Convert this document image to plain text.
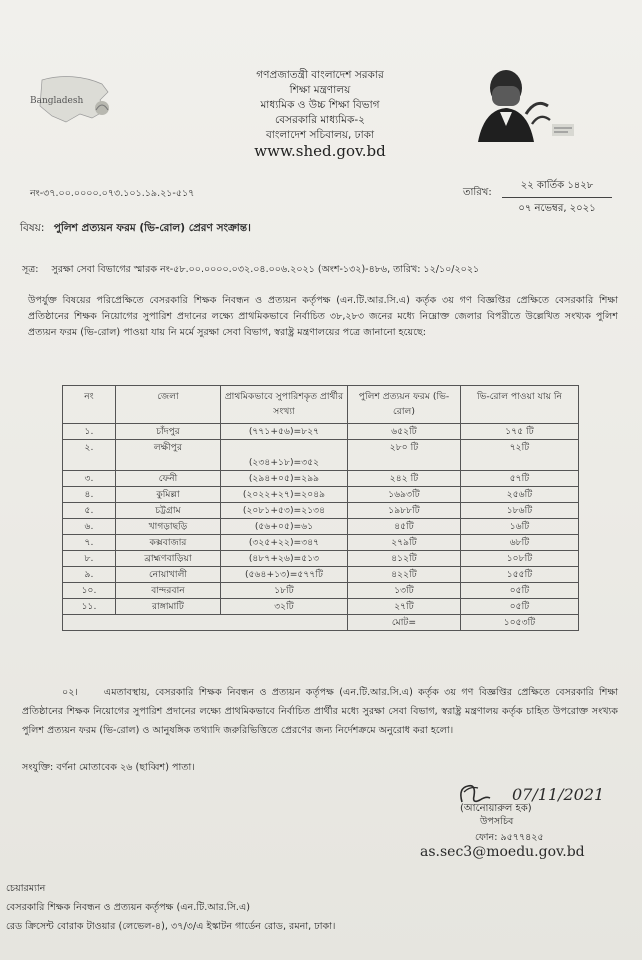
Bangladesh
গণপ্রজাতন্ত্রী বাংলাদেশ সরকার
শিক্ষা মন্ত্রণালয়
মাধ্যমিক ও উচ্চ শিক্ষা বিভাগ
বেসরকারি মাধ্যমিক-২
বাংলাদেশ সচিবালয়, ঢাকা
www.shed.gov.bd
নং-৩৭.০০.০০০০.০৭৩.১০১.১৯.২১-৫১৭	তারিখ:
২২ কার্তিক ১৪২৮
০৭ নভেম্বর, ২০২১
বিষয়: পুলিশ প্রত্যয়ন ফরম (ভি-রোল) প্রেরণ সংক্রান্ত।
সূত্র: সুরক্ষা সেবা বিভাগের স্মারক নং-৫৮.০০.০০০০.০৩২.০৪.০০৬.২০২১ (অংশ-১৩২)-৪৮৬, তারিখ: ১২/১০/২০২১
উপর্যুক্ত বিষয়ের পরিপ্রেক্ষিতে বেসরকারি শিক্ষক নিবন্ধন ও প্রত্যয়ন কর্তৃপক্ষ (এন.টি.আর.সি.এ) কর্তৃক ৩য় গণ বিজ্ঞপ্তির প্রেক্ষিতে বেসরকারি শিক্ষা প্রতিষ্ঠানের শিক্ষক নিয়োগের সুপারিশ প্রদানের লক্ষ্যে প্রাথমিকভাবে নির্বাচিত ৩৮,২৮৩ জনের মধ্যে নিম্নোক্ত জেলার বিপরীতে উল্লেখিত সংখ্যক পুলিশ প্রত্যয়ন ফরম (ভি-রোল) পাওয়া যায় নি মর্মে সুরক্ষা সেবা বিভাগ, স্বরাষ্ট্র মন্ত্রণালয়ের পত্রে জানানো হয়েছে:
নং	জেলা	প্রাথমিকভাবে সুপারিশকৃত প্রার্থীর সংখ্যা	পুলিশ প্রত্যয়ন ফরম (ভি-রোল)	ভি-রোল পাওয়া যায় নি
১.	চাঁদপুর	(৭৭১+৫৬)=৮২৭	৬৫২টি	১৭৫ টি
২.	লক্ষীপুর	(২৩৪+১৮)=৩৫২	২৮০ টি	৭২টি
৩.	ফেনী	(২৯৪+০৫)=২৯৯	২৪২ টি	৫৭টি
৪.	কুমিল্লা	(২০২২+২৭)=২০৪৯	১৬৯৩টি	২৫৬টি
৫.	চট্টগ্রাম	(২০৮১+৫৩)=২১৩৪	১৯৮৮টি	১৮৬টি
৬.	খাগড়াছড়ি	(৫৬+০৫)=৬১	৪৫টি	১৬টি
৭.	কক্সবাজার	(৩২৫+২২)=৩৪৭	২৭৯টি	৬৮টি
৮.	ব্রাহ্মণবাড়িয়া	(৪৮৭+২৬)=৫১৩	৪১২টি	১০৮টি
৯.	নোয়াখালী	(৫৬৪+১৩)=৫৭৭টি	৪২২টি	১৫৫টি
১০.	বান্দরবান	১৮টি	১৩টি	০৫টি
১১.	রাঙ্গামাটি	৩২টি	২৭টি	০৫টি
			মোট=	১০৫৩টি
০২।	এমতাবস্থায়, বেসরকারি শিক্ষক নিবন্ধন ও প্রত্যয়ন কর্তৃপক্ষ (এন.টি.আর.সি.এ) কর্তৃক ৩য় গণ বিজ্ঞপ্তির প্রেক্ষিতে বেসরকারি শিক্ষা প্রতিষ্ঠানের শিক্ষক নিয়োগের সুপারিশ প্রদানের লক্ষ্যে প্রাথমিকভাবে নির্বাচিত প্রার্থীর মধ্যে সুরক্ষা সেবা বিভাগ, স্বরাষ্ট্র মন্ত্রণালয় কর্তৃক চাহিত উপরোক্ত সংখ্যক পুলিশ প্রত্যয়ন ফরম (ভি-রোল) ও আনুষঙ্গিক তথ্যাদি জরুরিভিত্তিতে প্রেরণের জন্য নির্দেশক্রমে অনুরোধ করা হলো।
সংযুক্তি: বর্ণনা মোতাবেক ২৬ (ছাব্বিশ) পাতা।
07/11/2021
(আনোয়ারুল হক)
উপসচিব
ফোন: ৯৫৭৭৪২৫
as.sec3@moedu.gov.bd
চেয়ারম্যান
বেসরকারি শিক্ষক নিবন্ধন ও প্রত্যয়ন কর্তৃপক্ষ (এন.টি.আর.সি.এ)
রেড ক্রিসেন্ট বোরাক টাওয়ার (লেভেল-৪), ৩৭/৩/এ ইস্কাটন গার্ডেন রোড, রমনা, ঢাকা।
